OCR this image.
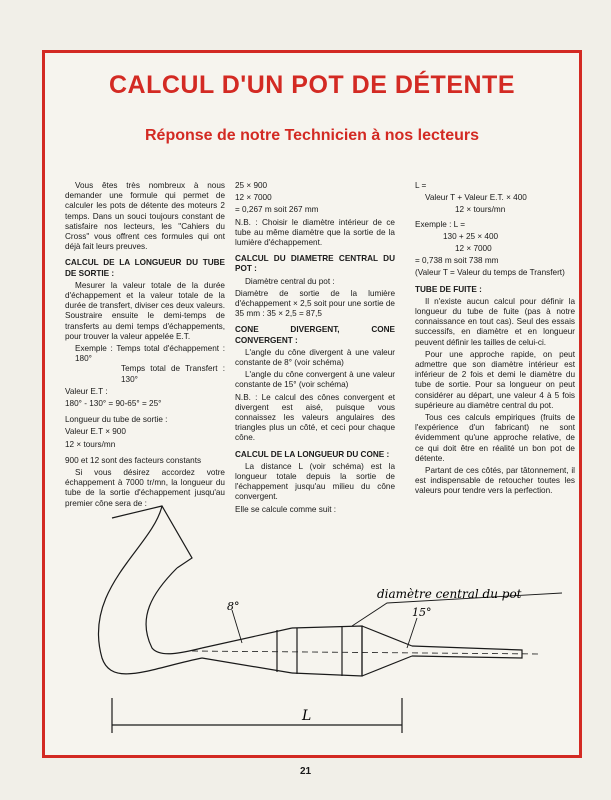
CALCUL D'UN POT DE DÉTENTE
Réponse de notre Technicien à nos lecteurs

Vous êtes très nombreux à nous demander une formule qui permet de calculer les pots de détente des moteurs 2 temps. Dans un souci toujours constant de satisfaire nos lecteurs, les "Cahiers du Cross" vous offrent ces formules qui ont déjà fait leurs preuves.

CALCUL DE LA LONGUEUR DU TUBE DE SORTIE :

Mesurer la valeur totale de la durée d'échappement et la valeur totale de la durée de transfert, diviser ces deux valeurs. Soustraire ensuite le demi-temps de transferts au demi temps d'échappements, pour trouver la valeur appelée E.T.

Exemple : Temps total d'échappement : 180°
Temps total de Transfert : 130°

Valeur E.T :

180° - 130° = 90-65° = 25°

Longueur du tube de sortie :

Valeur E.T × 900

12 × tours/mn

900 et 12 sont des facteurs constants

Si vous désirez accordez votre échappement à 7000 tr/mn, la longueur du tube de la sortie d'échappement jusqu'au premier cône sera de :

25 × 900

12 × 7000

= 0,267 m soit 267 mm

N.B. : Choisir le diamètre intérieur de ce tube au même diamètre que la sortie de la lumière d'échappement.

CALCUL DU DIAMETRE CENTRAL DU POT :

Diamètre central du pot :

Diamètre de sortie de la lumière d'échappement × 2,5 soit pour une sortie de 35 mm : 35 × 2,5 = 87,5

CONE DIVERGENT, CONE CONVERGENT :

L'angle du cône divergent à une valeur constante de 8° (voir schéma)

L'angle du cône convergent à une valeur constante de 15° (voir schéma)

N.B. : Le calcul des cônes convergent et divergent est aisé, puisque vous connaissez les valeurs angulaires des triangles plus un côté, et ceci pour chaque cône.

CALCUL DE LA LONGUEUR DU CONE :

La distance L (voir schéma) est la longueur totale depuis la sortie de l'échappement jusqu'au milieu du cône convergent.

Elle se calcule comme suit :

L =

Valeur T + Valeur E.T. × 400

12 × tours/mn

Exemple : L =

130 + 25 × 400

12 × 7000

= 0,738 m soit 738 mm

(Valeur T = Valeur du temps de Transfert)

TUBE DE FUITE :

Il n'existe aucun calcul pour définir la longueur du tube de fuite (pas à notre connaissance en tout cas). Seul des essais successifs, en diamètre et en longueur peuvent définir les tailles de celui-ci.

Pour une approche rapide, on peut admettre que son diamètre intérieur est inférieur de 2 fois et demi le diamètre du tube de sortie. Pour sa longueur on peut considérer au départ, une valeur 4 à 5 fois supérieure au diamètre central du pot.

Tous ces calculs empiriques (fruits de l'expérience d'un fabricant) ne sont évidemment qu'une approche relative, de ce qui doit être en réalité un bon pot de détente.

Partant de ces côtés, par tâtonnement, il est indispensable de retoucher toutes les valeurs pour tendre vers la perfection.

diamètre central du pot
8°	15°
L
21
